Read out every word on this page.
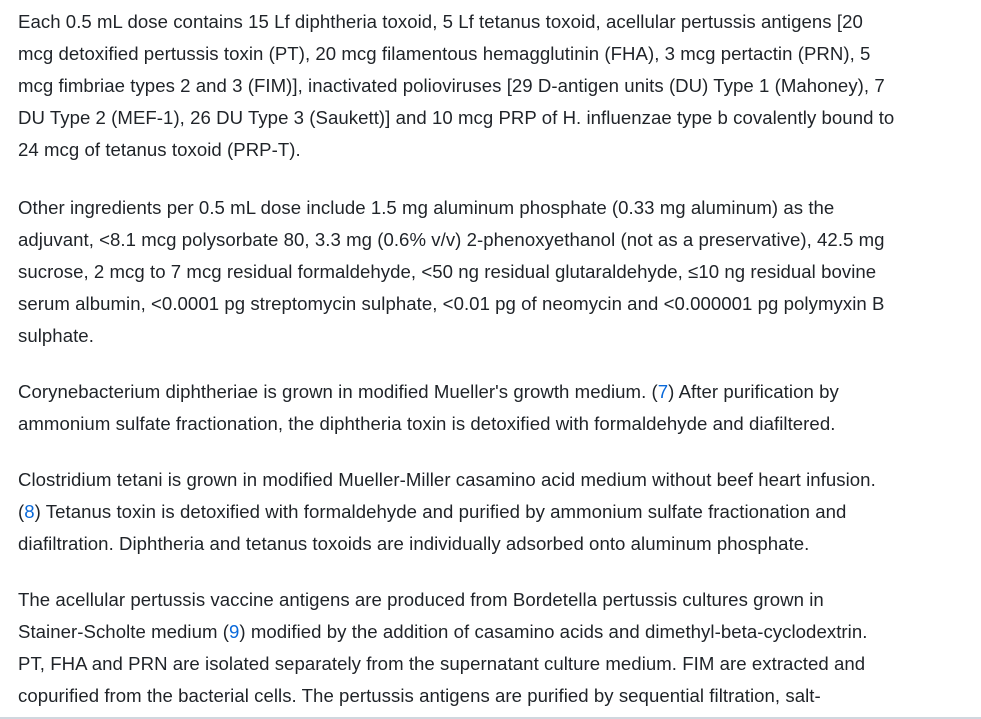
Each 0.5 mL dose contains 15 Lf diphtheria toxoid, 5 Lf tetanus toxoid, acellular pertussis antigens [20
mcg detoxified pertussis toxin (PT), 20 mcg filamentous hemagglutinin (FHA), 3 mcg pertactin (PRN), 5
mcg fimbriae types 2 and 3 (FIM)], inactivated polioviruses [29 D-antigen units (DU) Type 1 (Mahoney), 7
DU Type 2 (MEF-1), 26 DU Type 3 (Saukett)] and 10 mcg PRP of H. influenzae type b covalently bound to
24 mcg of tetanus toxoid (PRP-T).

Other ingredients per 0.5 mL dose include 1.5 mg aluminum phosphate (0.33 mg aluminum) as the
adjuvant, <8.1 mcg polysorbate 80, 3.3 mg (0.6% v/v) 2-phenoxyethanol (not as a preservative), 42.5 mg
sucrose, 2 mcg to 7 mcg residual formaldehyde, <50 ng residual glutaraldehyde, ≤10 ng residual bovine
serum albumin, <0.0001 pg streptomycin sulphate, <0.01 pg of neomycin and <0.000001 pg polymyxin B
sulphate.

Corynebacterium diphtheriae is grown in modified Mueller's growth medium. (7) After purification by
ammonium sulfate fractionation, the diphtheria toxin is detoxified with formaldehyde and diafiltered.

Clostridium tetani is grown in modified Mueller-Miller casamino acid medium without beef heart infusion.
(8) Tetanus toxin is detoxified with formaldehyde and purified by ammonium sulfate fractionation and
diafiltration. Diphtheria and tetanus toxoids are individually adsorbed onto aluminum phosphate.

The acellular pertussis vaccine antigens are produced from Bordetella pertussis cultures grown in
Stainer-Scholte medium (9) modified by the addition of casamino acids and dimethyl-beta-cyclodextrin.
PT, FHA and PRN are isolated separately from the supernatant culture medium. FIM are extracted and
copurified from the bacterial cells. The pertussis antigens are purified by sequential filtration, salt-
